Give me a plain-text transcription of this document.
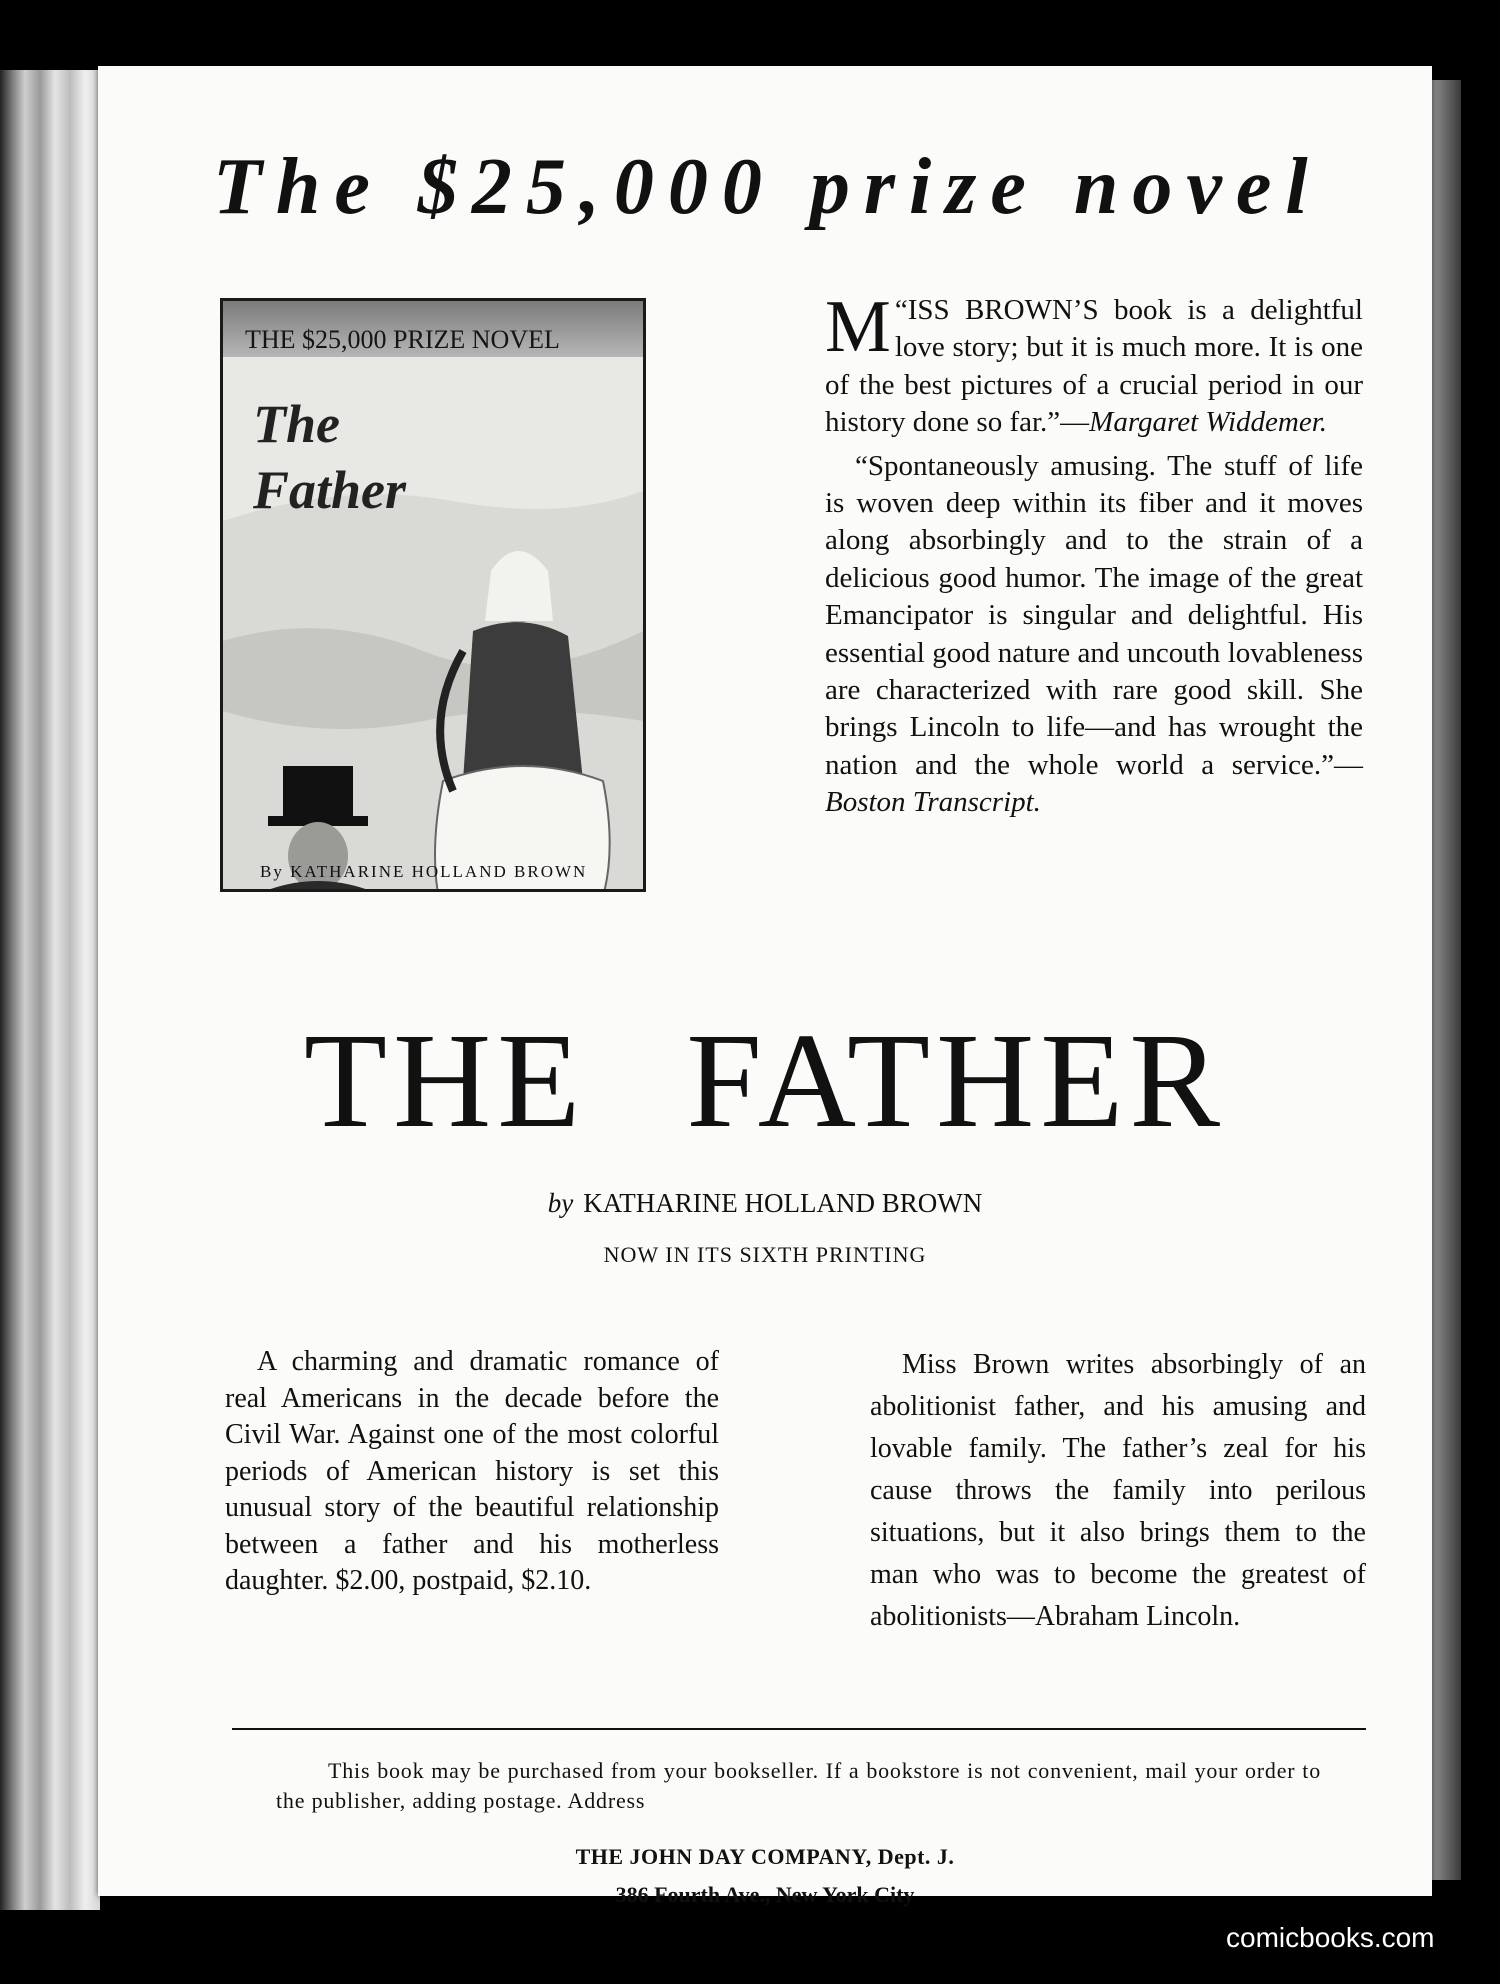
The $25,000 prize novel
THE $25,000 PRIZE NOVEL
The
Father
By KATHARINE HOLLAND BROWN

“
M ISS BROWN’S book is a delightful love story; but it is much more. It is one of the best pictures of a crucial period in our history done so far.”—Margaret Widdemer.

“Spontaneously amusing. The stuff of life is woven deep within its fiber and it moves along absorbingly and to the strain of a delicious good humor. The image of the great Emancipator is singular and delightful. His essential good nature and uncouth lovableness are characterized with rare good skill. She brings Lincoln to life—and has wrought the nation and the whole world a service.”—Boston Transcript.

THE FATHER
by KATHARINE HOLLAND BROWN
NOW IN ITS SIXTH PRINTING

A charming and dramatic romance of real Americans in the decade before the Civil War. Against one of the most colorful periods of American history is set this unusual story of the beautiful relationship between a father and his motherless daughter. $2.00, postpaid, $2.10.

Miss Brown writes absorbingly of an abolitionist father, and his amusing and lovable family. The father’s zeal for his cause throws the family into perilous situations, but it also brings them to the man who was to become the greatest of abolitionists—Abraham Lincoln.

This book may be purchased from your bookseller. If a bookstore is not convenient, mail your order to the publisher, adding postage. Address

THE JOHN DAY COMPANY, Dept. J.
386 Fourth Ave., New York City
comicbooks.com
